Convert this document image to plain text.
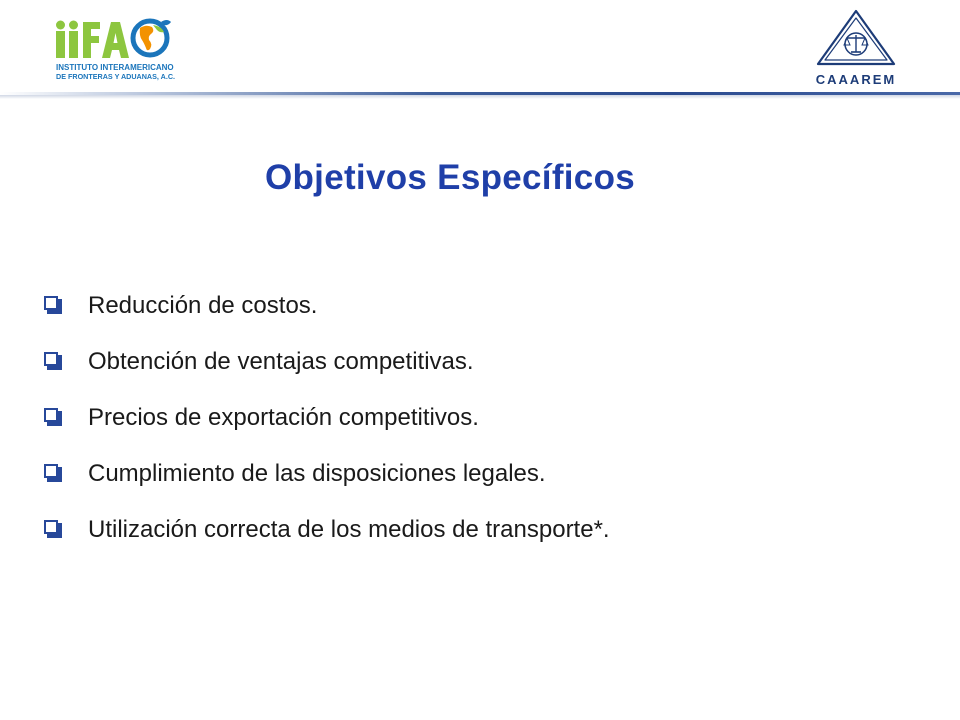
INSTITUTO INTERAMERICANO
DE FRONTERAS Y ADUANAS, A.C.	CAAAREM
Objetivos Específicos
Reducción de costos.
Obtención de ventajas competitivas.
Precios de exportación competitivos.
Cumplimiento de las disposiciones legales.
Utilización correcta de los medios de transporte*.
